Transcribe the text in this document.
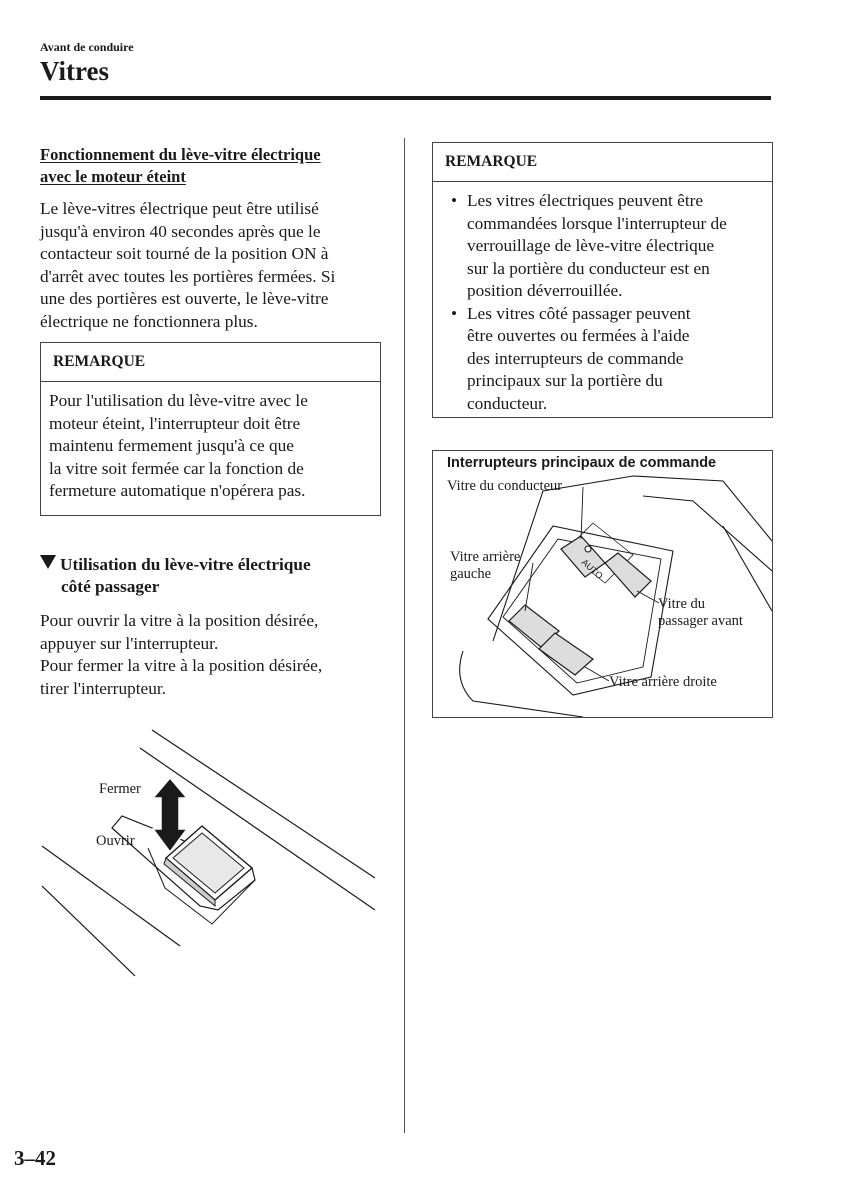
Avant de conduire
Vitres
Fonctionnement du lève-vitre électrique
avec le moteur éteint
Le lève-vitres électrique peut être utilisé
jusqu'à environ 40 secondes après que le
contacteur soit tourné de la position ON à
d'arrêt avec toutes les portières fermées. Si
une des portières est ouverte, le lève-vitre
électrique ne fonctionnera plus.
REMARQUE
Pour l'utilisation du lève-vitre avec le
moteur éteint, l'interrupteur doit être
maintenu fermement jusqu'à ce que
la vitre soit fermée car la fonction de
fermeture automatique n'opérera pas.
Utilisation du lève-vitre électrique
côté passager
Pour ouvrir la vitre à la position désirée,
appuyer sur l'interrupteur.
Pour fermer la vitre à la position désirée,
tirer l'interrupteur.
Fermer
Ouvrir
REMARQUE
• Les vitres électriques peuvent être
commandées lorsque l'interrupteur de
verrouillage de lève-vitre électrique
sur la portière du conducteur est en
position déverrouillée.
• Les vitres côté passager peuvent
être ouvertes ou fermées à l'aide
des interrupteurs de commande
principaux sur la portière du
conducteur.
Interrupteurs principaux de commande
AUTO
Vitre du conducteur
Vitre arrière
gauche
Vitre du
passager avant
Vitre arrière droite
3–42
